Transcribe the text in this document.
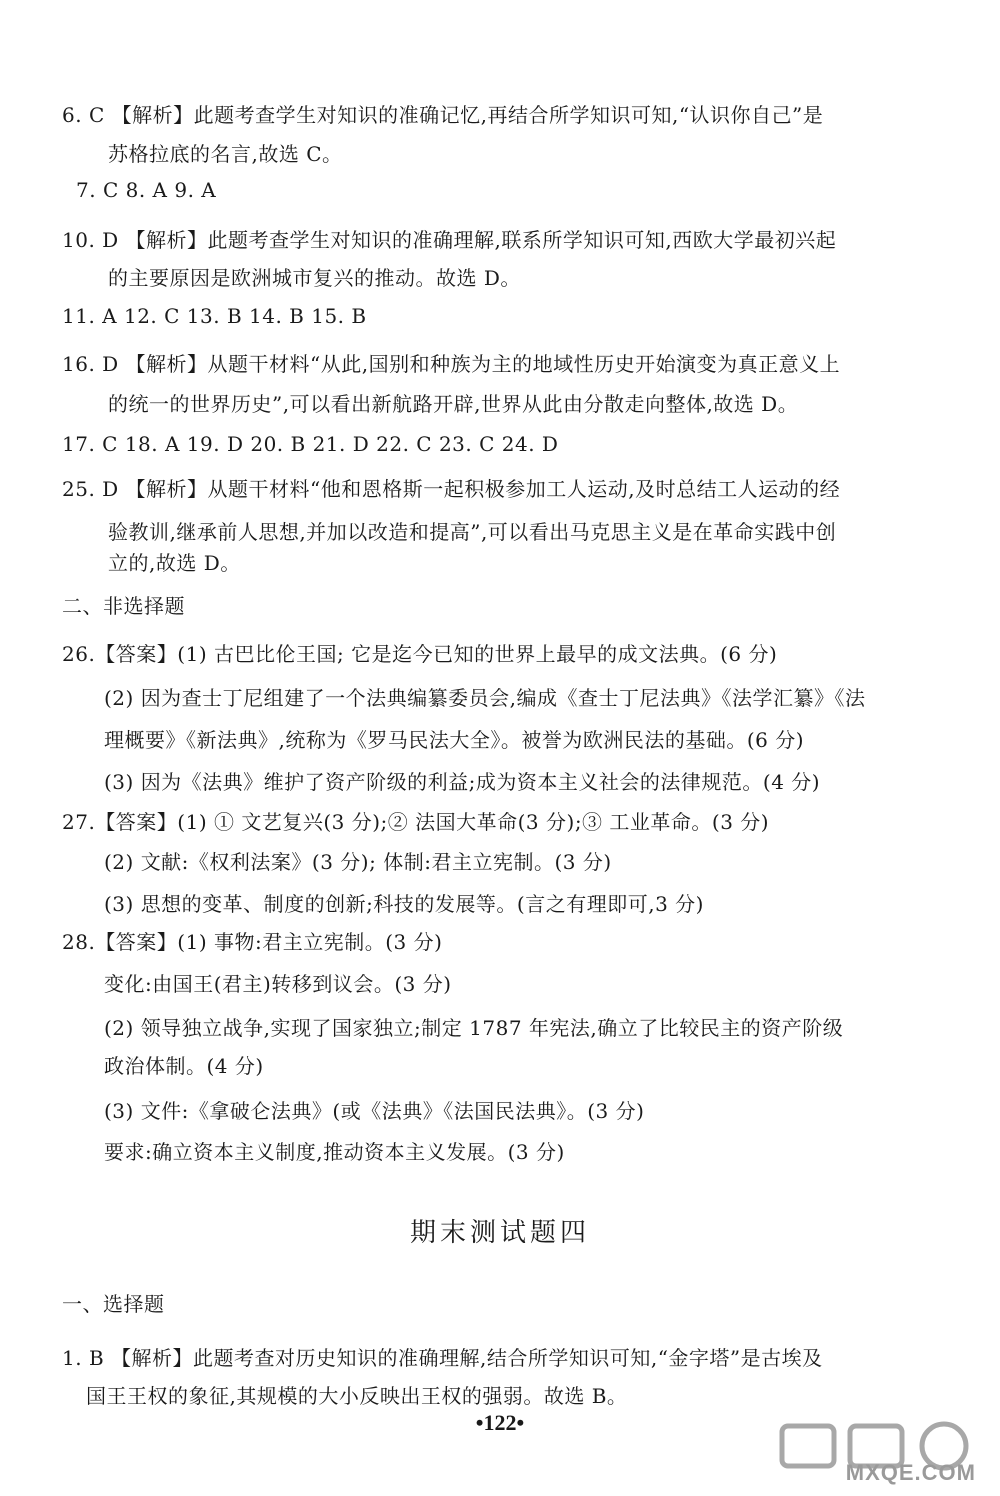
6. C 【解析】此题考查学生对知识的准确记忆,再结合所学知识可知,“认识你自己”是
苏格拉底的名言,故选 C。
7. C 8. A 9. A
10. D 【解析】此题考查学生对知识的准确理解,联系所学知识可知,西欧大学最初兴起
的主要原因是欧洲城市复兴的推动。故选 D。
11. A 12. C 13. B 14. B 15. B
16. D 【解析】从题干材料“从此,国别和种族为主的地域性历史开始演变为真正意义上
的统一的世界历史”,可以看出新航路开辟,世界从此由分散走向整体,故选 D。
17. C 18. A 19. D 20. B 21. D 22. C 23. C 24. D
25. D 【解析】从题干材料“他和恩格斯一起积极参加工人运动,及时总结工人运动的经
验教训,继承前人思想,并加以改造和提高”,可以看出马克思主义是在革命实践中创
立的,故选 D。
二、非选择题
26.【答案】(1) 古巴比伦王国; 它是迄今已知的世界上最早的成文法典。(6 分)
(2) 因为查士丁尼组建了一个法典编纂委员会,编成《查士丁尼法典》《法学汇纂》《法
理概要》《新法典》,统称为《罗马民法大全》。被誉为欧洲民法的基础。(6 分)
(3) 因为《法典》维护了资产阶级的利益;成为资本主义社会的法律规范。(4 分)
27.【答案】(1) ① 文艺复兴(3 分);② 法国大革命(3 分);③ 工业革命。(3 分)
(2) 文献:《权利法案》(3 分); 体制:君主立宪制。(3 分)
(3) 思想的变革、制度的创新;科技的发展等。(言之有理即可,3 分)
28.【答案】(1) 事物:君主立宪制。(3 分)
变化:由国王(君主)转移到议会。(3 分)
(2) 领导独立战争,实现了国家独立;制定 1787 年宪法,确立了比较民主的资产阶级
政治体制。(4 分)
(3) 文件:《拿破仑法典》(或《法典》《法国民法典》。(3 分)
要求:确立资本主义制度,推动资本主义发展。(3 分)
一、选择题
1. B 【解析】此题考查对历史知识的准确理解,结合所学知识可知,“金字塔”是古埃及
国王王权的象征,其规模的大小反映出王权的强弱。故选 B。
期末测试题四
•122•
MXQE.COM
